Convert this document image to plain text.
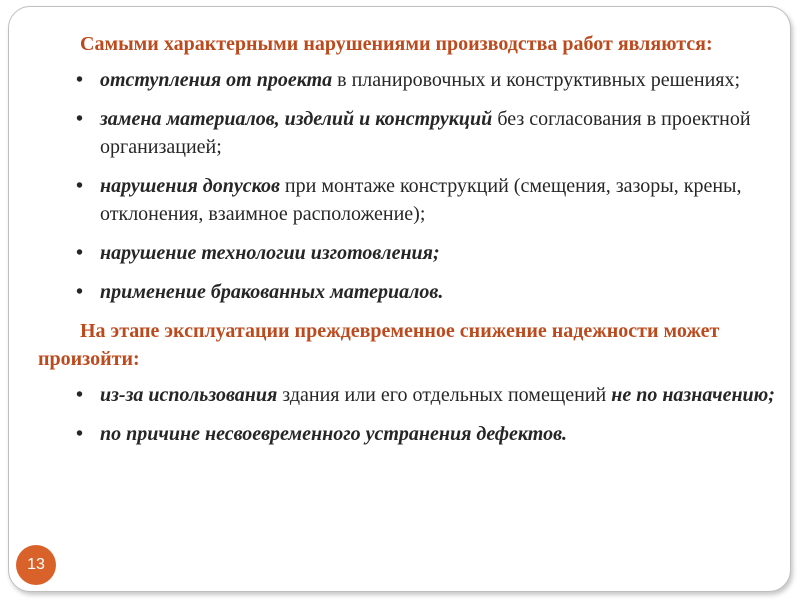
Самыми характерными нарушениями производства работ являются:

• отступления от проекта в планировочных и конструктивных решениях;
• замена материалов, изделий и конструкций без согласования в проектной организацией;
• нарушения допусков при монтаже конструкций (смещения, зазоры, крены, отклонения, взаимное расположение);
• нарушение технологии изготовления;
• применение бракованных материалов.

На этапе эксплуатации преждевременное снижение надежности может произойти:

• из-за использования здания или его отдельных помещений не по назначению;
• по причине несвоевременного устранения дефектов.
13
